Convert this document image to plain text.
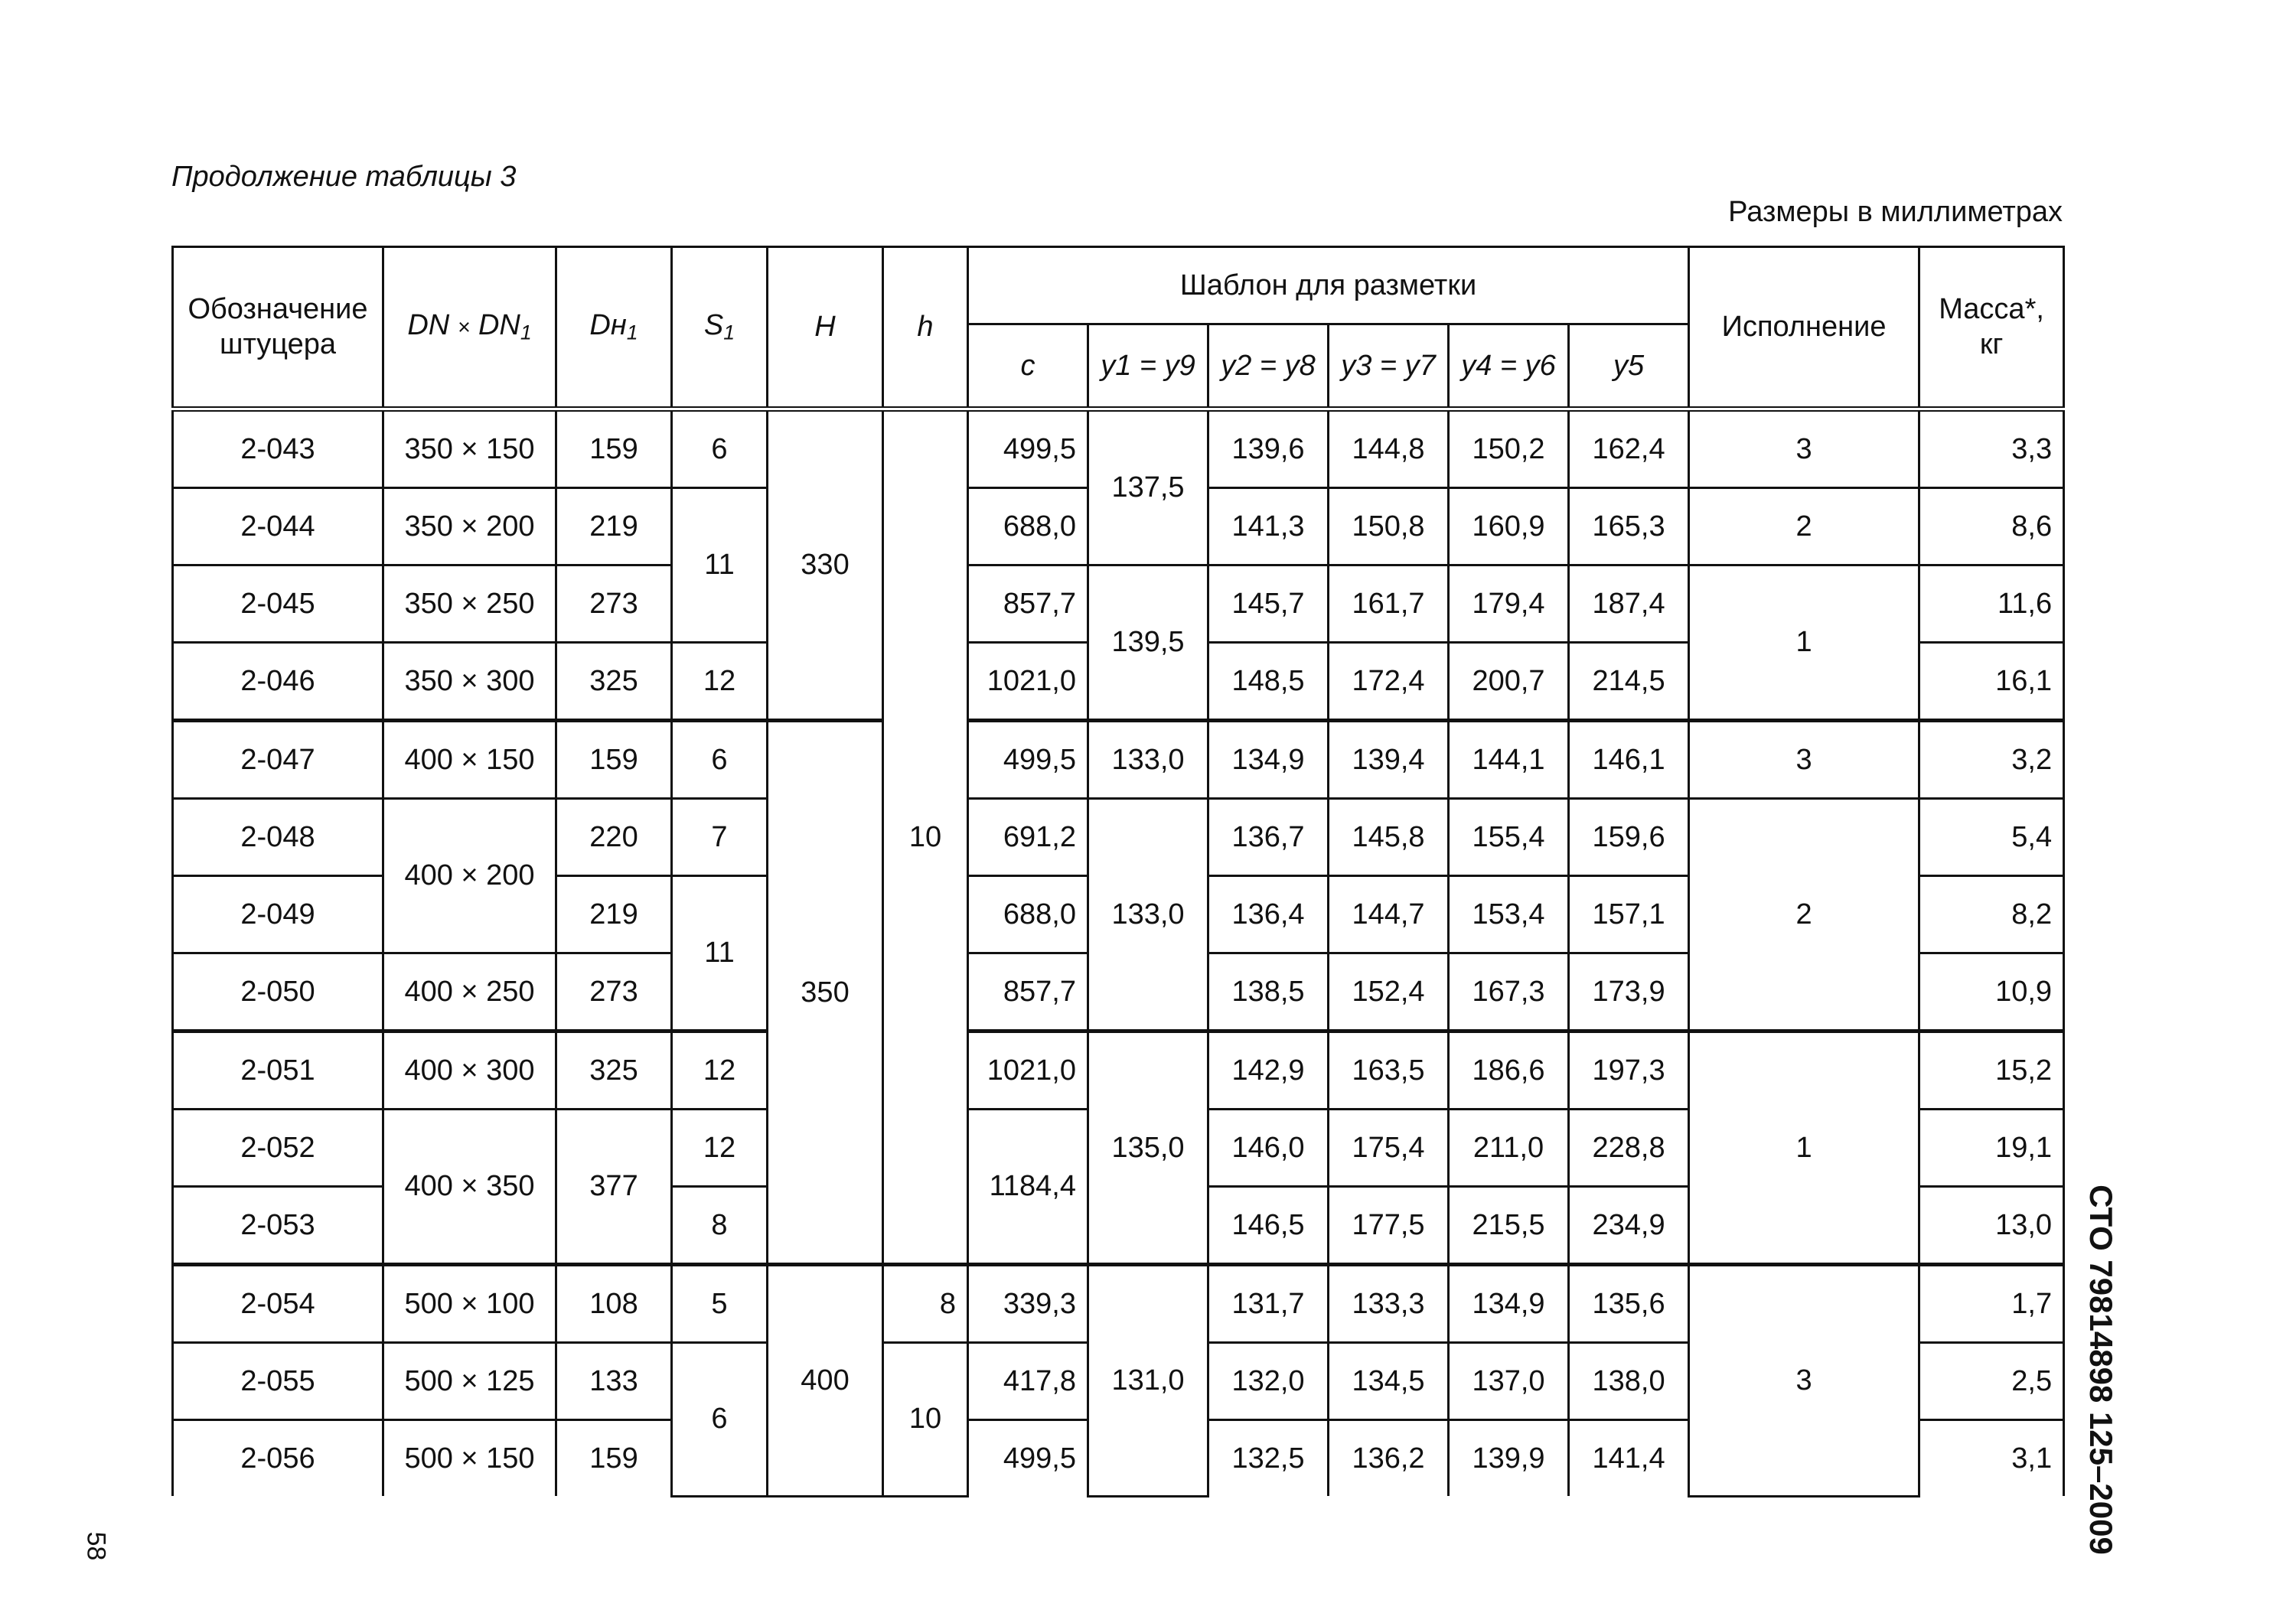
Продолжение таблицы 3
Размеры в миллиметрах
Обозначение штуцера	DN × $DN_1$	$Dн_1$	$S_1$	H	h	Шаблон для разметки						Исполнение	Масса*, кг
						c	y1 = y9	y2 = y8	y3 = y7	y4 = y6	y5		
2-043	350 × 150	159	6	330	10	499,5	137,5	139,6	144,8	150,2	162,4	3	3,3
2-044	350 × 200	219	11			688,0		141,3	150,8	160,9	165,3	2	8,6
2-045	350 × 250	273				857,7	139,5	145,7	161,7	179,4	187,4	1	11,6
2-046	350 × 300	325	12			1021,0		148,5	172,4	200,7	214,5		16,1
2-047	400 × 150	159	6	350		499,5	133,0	134,9	139,4	144,1	146,1	3	3,2
2-048	400 × 200	220	7			691,2	133,0	136,7	145,8	155,4	159,6	2	5,4
2-049		219	11			688,0		136,4	144,7	153,4	157,1		8,2
2-050	400 × 250	273				857,7		138,5	152,4	167,3	173,9		10,9
2-051	400 × 300	325	12			1021,0	135,0	142,9	163,5	186,6	197,3	1	15,2
2-052	400 × 350	377	12			1184,4		146,0	175,4	211,0	228,8		19,1
2-053			8					146,5	177,5	215,5	234,9		13,0
2-054	500 × 100	108	5	400	8	339,3	131,0	131,7	133,3	134,9	135,6	3	1,7
2-055	500 × 125	133	6		10	417,8		132,0	134,5	137,0	138,0		2,5
2-056	500 × 150	159				499,5		132,5	136,2	139,9	141,4		3,1 СТО 79814898 125–2009
58
